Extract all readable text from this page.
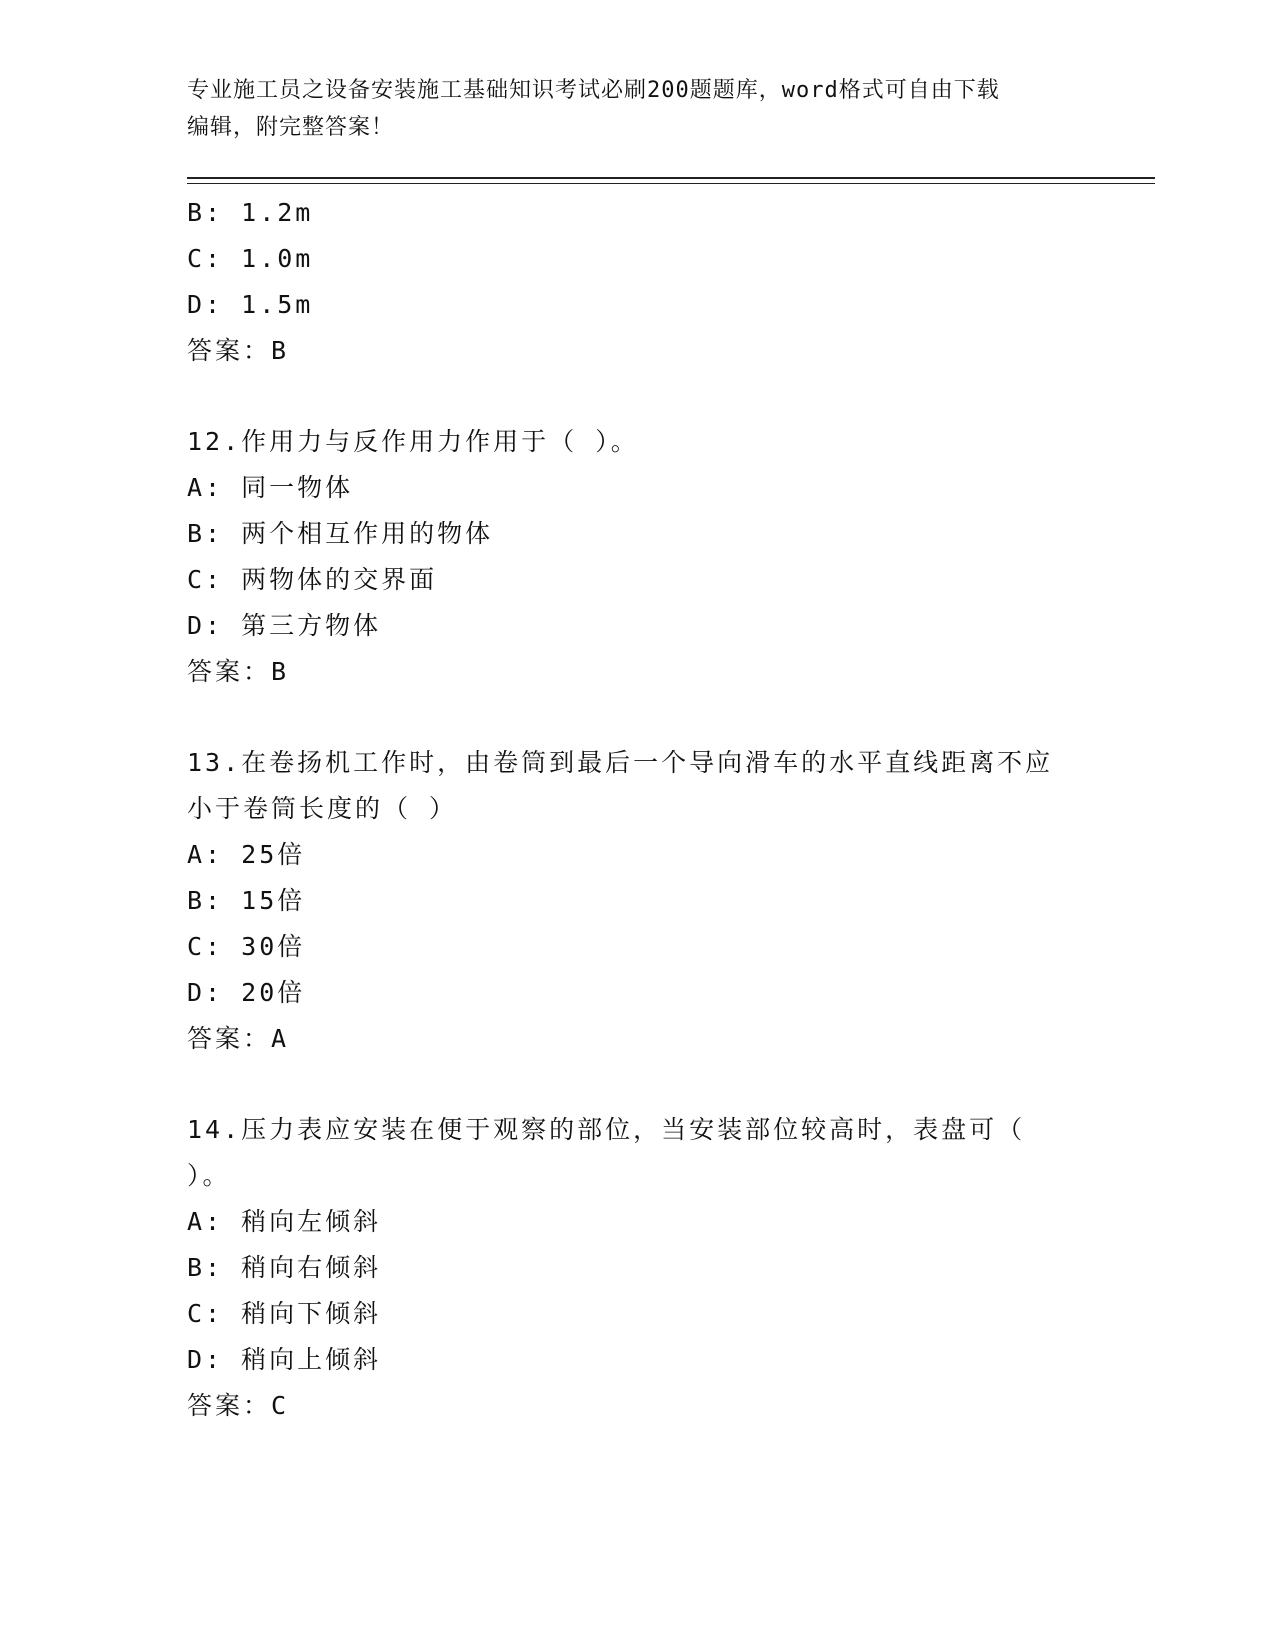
专业施工员之设备安装施工基础知识考试必刷200题题库，word格式可自由下载
编辑，附完整答案！
B: 1.2m
C: 1.0m
D: 1.5m
答案：B
12.作用力与反作用力作用于（ ）。
A: 同一物体
B: 两个相互作用的物体
C: 两物体的交界面
D: 第三方物体
答案：B
13.在卷扬机工作时，由卷筒到最后一个导向滑车的水平直线距离不应
小于卷筒长度的（ ）
A: 25倍
B: 15倍
C: 30倍
D: 20倍
答案：A
14.压力表应安装在便于观察的部位，当安装部位较高时，表盘可（
）。
A: 稍向左倾斜
B: 稍向右倾斜
C: 稍向下倾斜
D: 稍向上倾斜
答案：C
